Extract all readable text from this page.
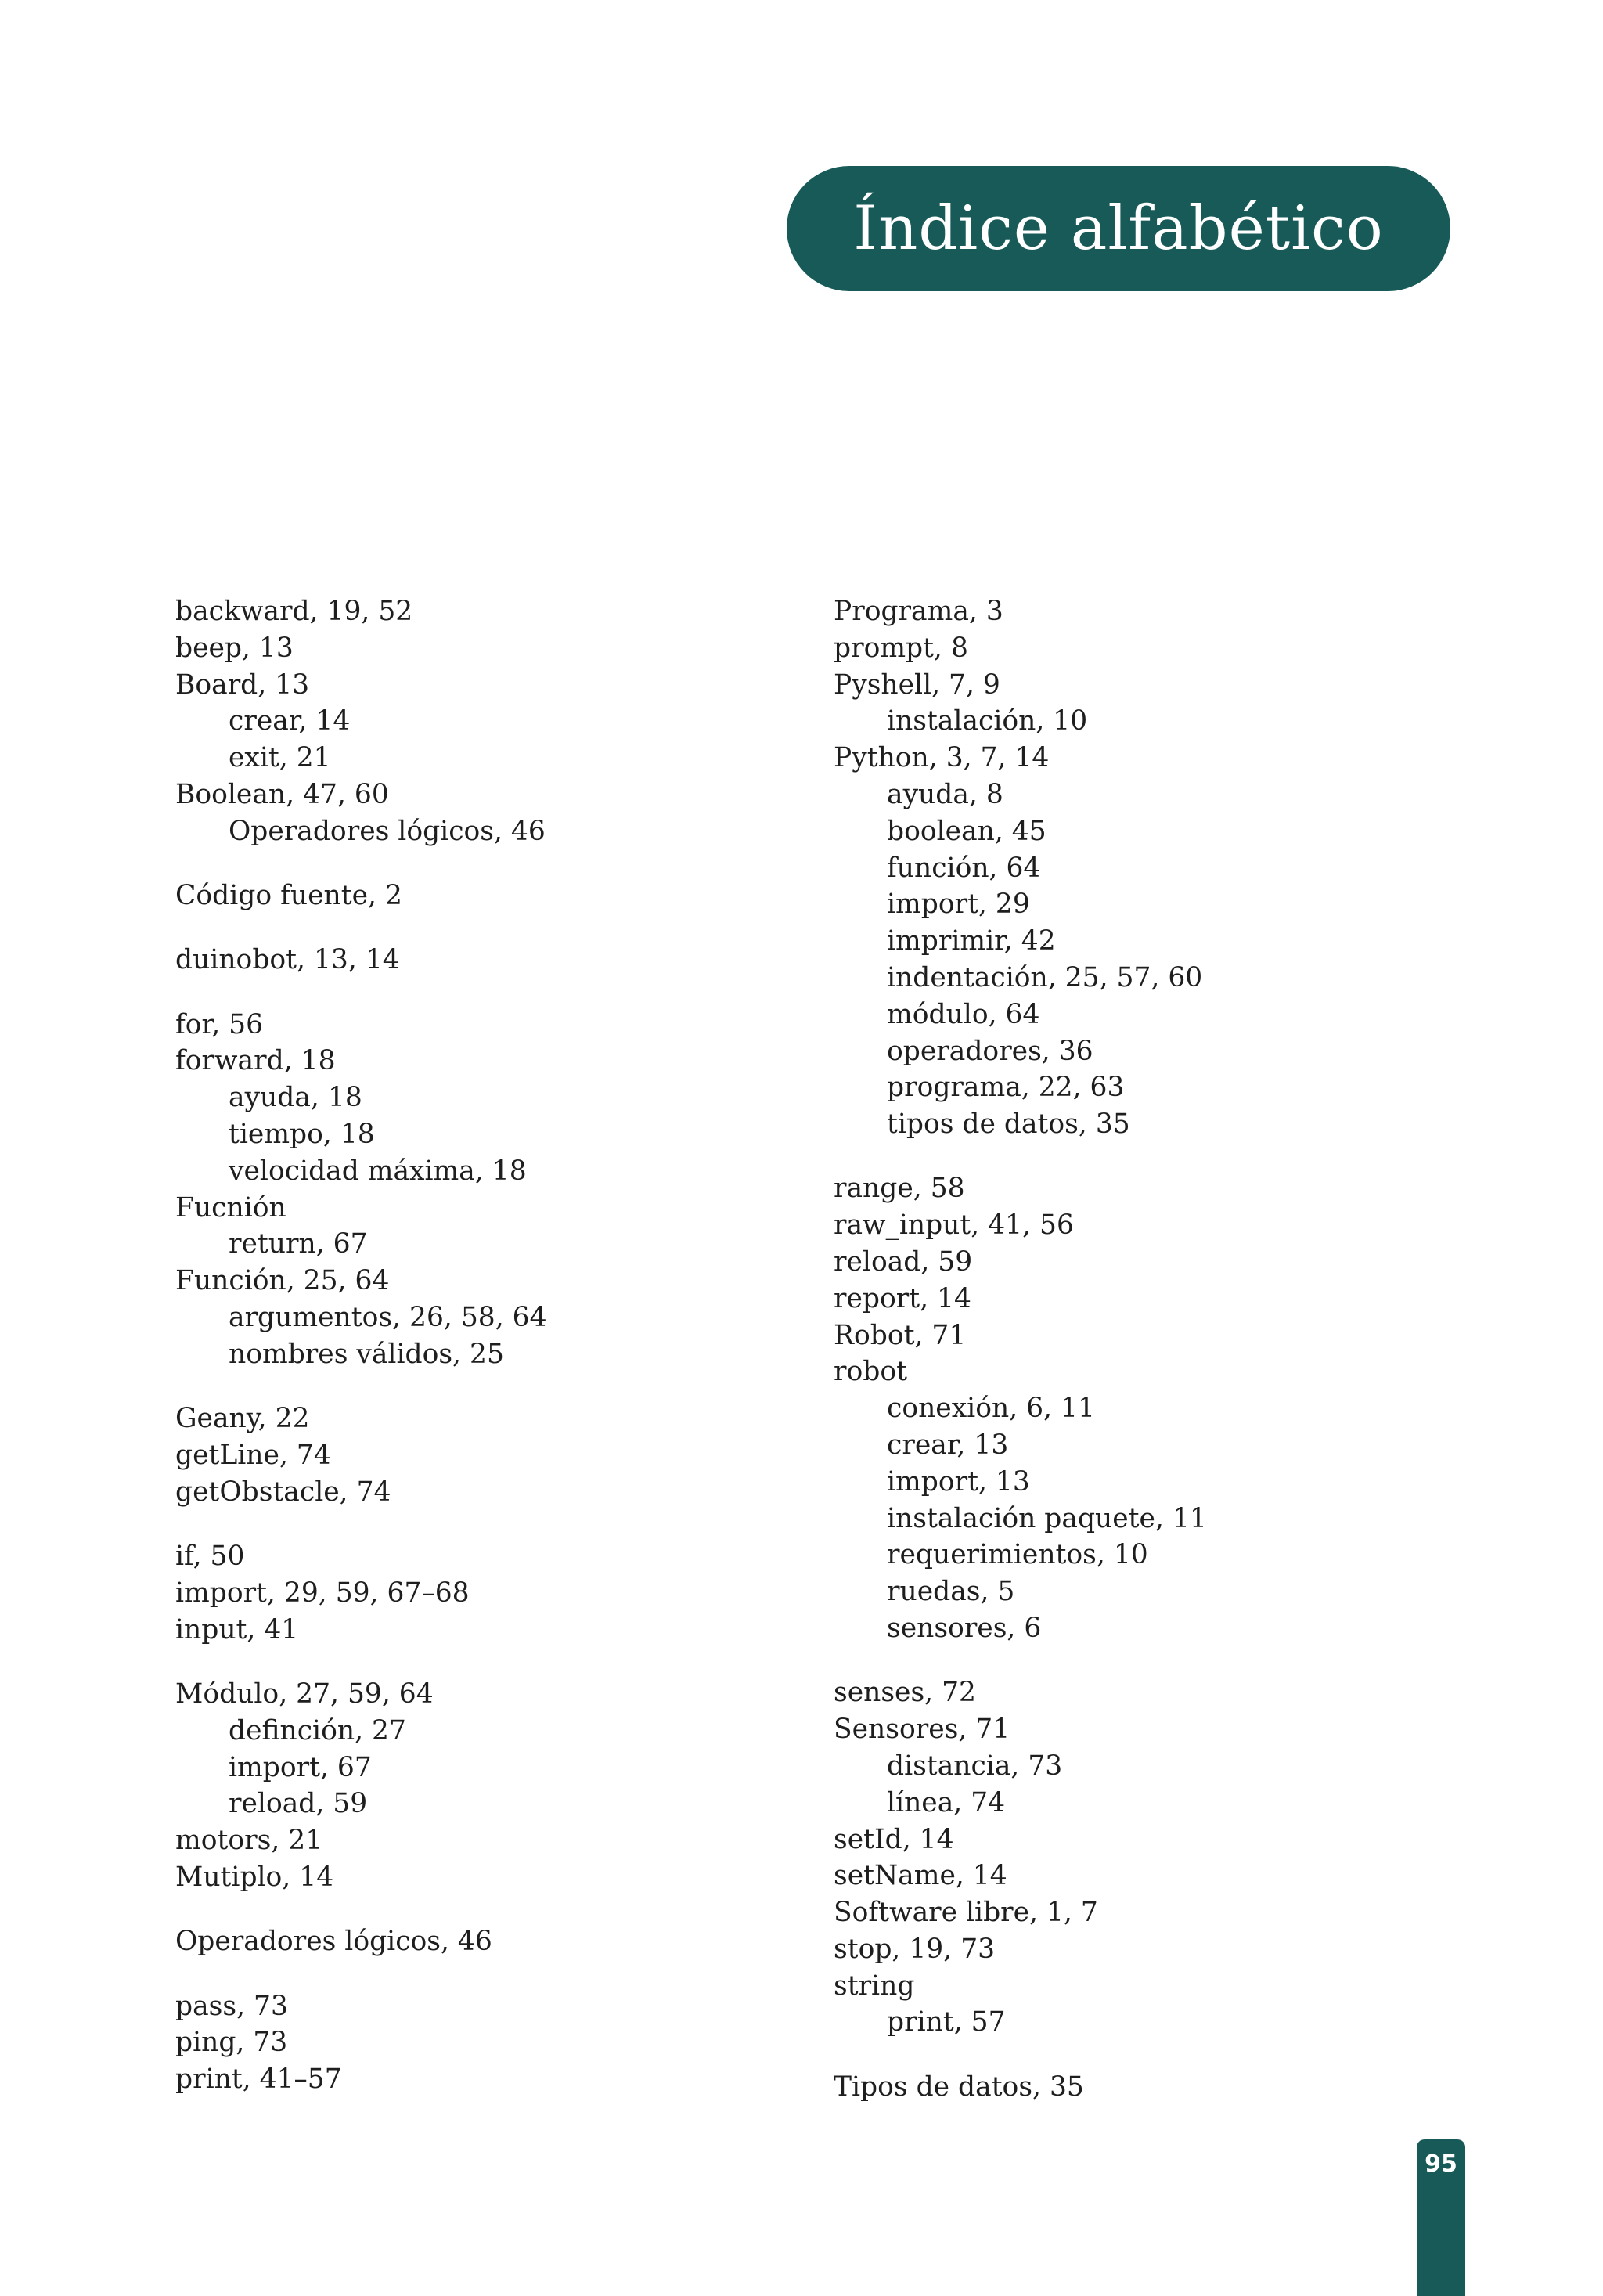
Índice alfabético
backward, 19, 52
beep, 13
Board, 13
crear, 14
exit, 21
Boolean, 47, 60
Operadores lógicos, 46
Código fuente, 2
duinobot, 13, 14
for, 56
forward, 18
ayuda, 18
tiempo, 18
velocidad máxima, 18
Fucnión
return, 67
Función, 25, 64
argumentos, 26, 58, 64
nombres válidos, 25
Geany, 22
getLine, 74
getObstacle, 74
if, 50
import, 29, 59, 67–68
input, 41
Módulo, 27, 59, 64
definción, 27
import, 67
reload, 59
motors, 21
Mutiplo, 14
Operadores lógicos, 46
pass, 73
ping, 73
print, 41–57
Programa, 3
prompt, 8
Pyshell, 7, 9
instalación, 10
Python, 3, 7, 14
ayuda, 8
boolean, 45
función, 64
import, 29
imprimir, 42
indentación, 25, 57, 60
módulo, 64
operadores, 36
programa, 22, 63
tipos de datos, 35
range, 58
raw_input, 41, 56
reload, 59
report, 14
Robot, 71
robot
conexión, 6, 11
crear, 13
import, 13
instalación paquete, 11
requerimientos, 10
ruedas, 5
sensores, 6
senses, 72
Sensores, 71
distancia, 73
línea, 74
setId, 14
setName, 14
Software libre, 1, 7
stop, 19, 73
string
print, 57
Tipos de datos, 35
95
